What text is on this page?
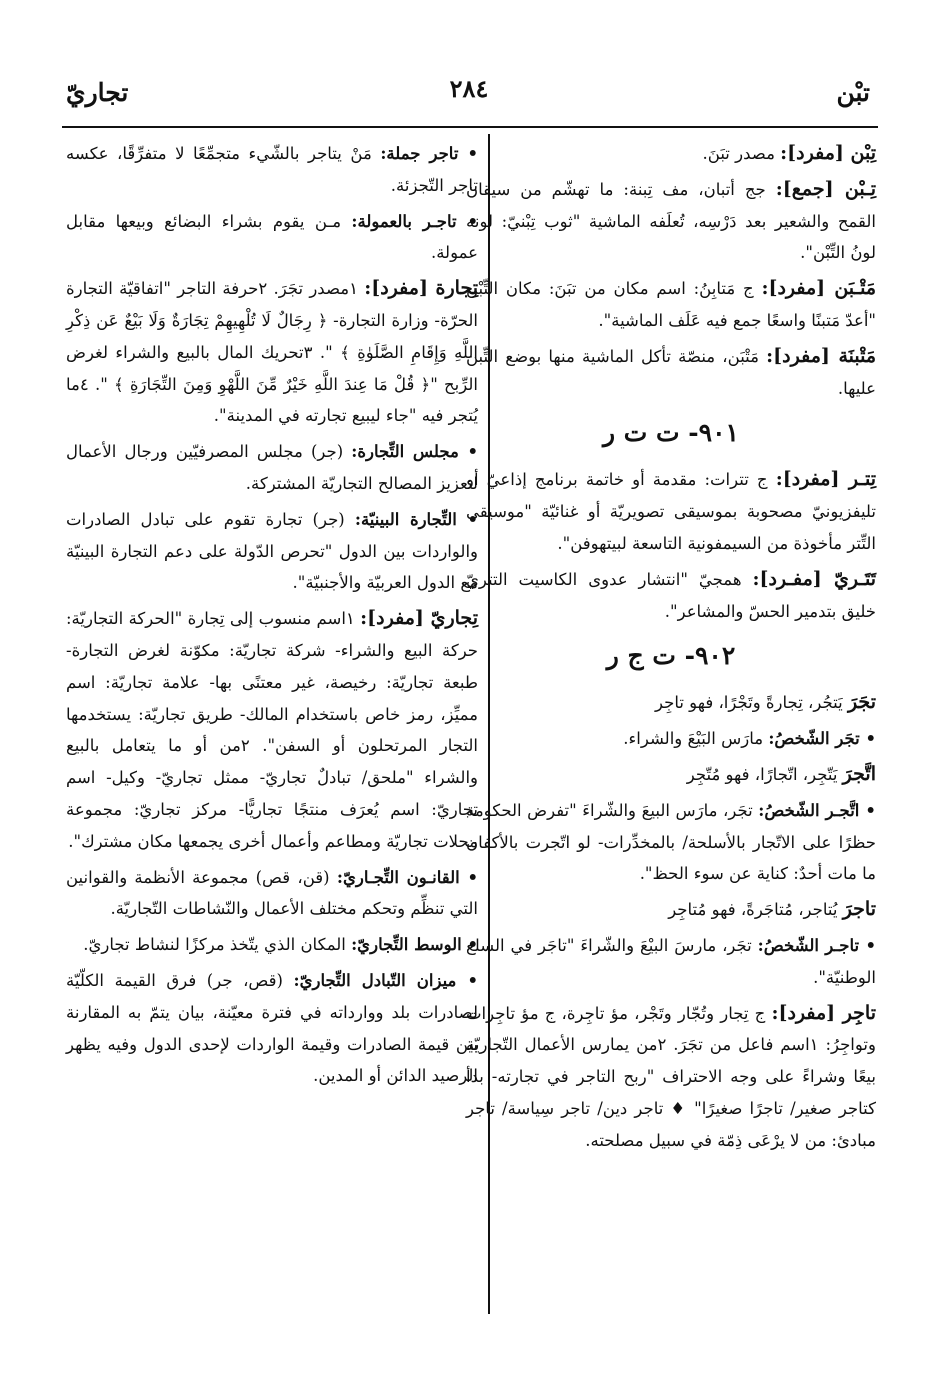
تبْن
٢٨٤
تجاريّ
تِبْن [مفرد]: مصدر تبَنَ.
تِـبْن [جمع]: جج أتبان، مف تِبنة: ما تهشّم من سيقان القمح والشعير بعد دَرْسِه، تُعلَفه الماشية "ثوب تِبْنيّ: لونه لونُ التِّبْن".
مَتْـبَن [مفرد]: ج مَتابِنُ: اسم مكان من تبَنَ: مكان التِّبْن "أعدّ مَتبنًا واسعًا جمع فيه عَلَف الماشية".
مَتْبنَة [مفرد]: مَتْبَن، منصّة تأكل الماشية منها بوضع التِّبن عليها.
٩٠١- ت ت ر
تِتـر [مفرد]: ج تترات: مقدمة أو خاتمة برنامج إذاعيّ أو تليفزيونيّ مصحوبة بموسيقى تصويريّة أو غنائيّة "موسيقى التِّتر مأخوذة من السيمفونية التاسعة لبيتهوفن".
تَتَـريّ [مفـرد]: همجيّ "انتشار عدوى الكاسيت التتريّ خليق بتدمير الحسّ والمشاعر".
٩٠٢- ت ج ر
تجَرَ يَتجُر، تِجارةً وتَجْرًا، فهو تاجِر
• تجَر الشّخصُ: مارَس البَيْعَ والشراء.
اتَّجرَ يَتّجِر، اتّجارًا، فهو مُتّجِر
• اتَّجـر الشّخصُ: تجَر، مارَس البيعَ والشّراءَ "تفرض الحكومة حظرًا على الاتّجار بالأسلحة/ بالمخدِّرات- لو اتّجرت بالأكفان ما مات أحدٌ: كناية عن سوء الحظ".
تاجرَ يُتاجر، مُتاجَرةً، فهو مُتاجِر
• تاجـر الشّخصُ: تجَر، مارسَ البيْعَ والشّراءَ "تاجَر في السلع الوطنيّة".
تاجِر [مفرد]: ج تِجار وتُجّار وتَجْر، مؤ تاجِرة، ج مؤ تاجِرات وتواجِرُ: ١اسم فاعل من تجَرَ. ٢من يمارس الأعمال التّجاريّة بيعًا وشراءً على وجه الاحتراف "ربح التاجر في تجارته- بدأ كتاجر صغير/ تاجرًا صغيرًا" ♦ تاجر دين/ تاجر سِياسة/ تاجر مبادئ: من لا يرْعَى ذِمّة في سبيل مصلحته.
• تاجر جملة: مَنْ يتاجر بالشّيء متجمِّعًا لا متفرِّقًا، عكسه تاجر التّجزئة.
• تاجـر بالعمولة: مـن يقوم بشراء البضائع وبيعها مقابل عمولة.
تِجارة [مفرد]: ١مصدر تجَرَ. ٢حرفة التاجر "اتفاقيّة التجارة الحرّة- وزارة التجارة- ﴿ رِجَالٌ لَا تُلْهِيهِمْ تِجَارَةٌ وَلَا بَيْعٌ عَن ذِكْرِ اللَّهِ وَإِقَامِ الصَّلَوٰةِ ﴾ ". ٣تحريك المال بالبيع والشراء لغرض الرِّبح "﴿ قُلْ مَا عِندَ اللَّهِ خَيْرٌ مِّنَ اللَّهْوِ وَمِنَ التِّجَارَةِ ﴾ ". ٤ما يُتجر فيه "جاء ليبيع تجارته في المدينة".
• مجلس التِّجارة: (جر) مجلس المصرفيّين ورجال الأعمال لتعزيز المصالح التجاريّة المشتركة.
• التِّجارة البينيّة: (جر) تجارة تقوم على تبادل الصادرات والواردات بين الدول "تحرص الدّولة على دعم التجارة البينيّة مع الدول العربيّة والأجنبيّة".
تِجاريّ [مفرد]: ١اسم منسوب إلى تِجارة "الحركة التجاريّة: حركة البيع والشراء- شركة تجاريّة: مكوّنة لغرض التجارة- طبعة تجاريّة: رخيصة، غير معتنًى بها- علامة تجاريّة: اسم مميِّز، رمز خاص باستخدام المالك- طريق تجاريّة: يستخدمها التجار المرتحلون أو السفن". ٢من أو ما يتعامل بالبيع والشراء "ملحق/ تبادلٌ تجاريّ- ممثل تجاريّ- وكيل- اسم تجاريّ: اسم يُعرَف منتجًا تجاريًّا- مركز تجاريّ: مجموعة محلات تجاريّة ومطاعم وأعمال أخرى يجمعها مكان مشترك".
• القانـون التِّجـاريّ: (قن، قص) مجموعة الأنظمة والقوانين التي تنظِّم وتحكم مختلف الأعمال والنّشاطات التّجاريّة.
• الوسط التِّجاريّ: المكان الذي يتّخذ مركزًا لنشاط تجاريّ.
• ميزان التّبادل التِّجاريّ: (قص، جر) فرق القيمة الكلّيّة لصادرات بلد ووارداته في فترة معيّنة، بيان يتمّ به المقارنة بين قيمة الصادرات وقيمة الواردات لإحدى الدول وفيه يظهر الرصيد الدائن أو المدين.
